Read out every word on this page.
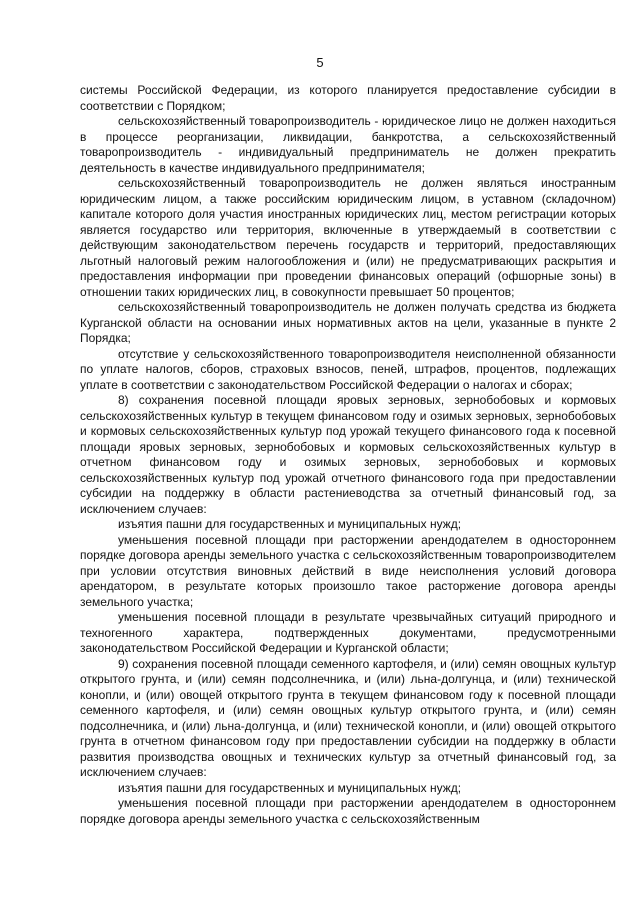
5

системы Российской Федерации, из которого планируется предоставление субсидии в соответствии с Порядком;

сельскохозяйственный товаропроизводитель - юридическое лицо не должен находиться в процессе реорганизации, ликвидации, банкротства, а сельскохозяйственный товаропроизводитель - индивидуальный предприниматель не должен прекратить деятельность в качестве индивидуального предпринимателя;

сельскохозяйственный товаропроизводитель не должен являться иностранным юридическим лицом, а также российским юридическим лицом, в уставном (складочном) капитале которого доля участия иностранных юридических лиц, местом регистрации которых является государство или территория, включенные в утверждаемый в соответствии с действующим законодательством перечень государств и территорий, предоставляющих льготный налоговый режим налогообложения и (или) не предусматривающих раскрытия и предоставления информации при проведении финансовых операций (офшорные зоны) в отношении таких юридических лиц, в совокупности превышает 50 процентов;

сельскохозяйственный товаропроизводитель не должен получать средства из бюджета Курганской области на основании иных нормативных актов на цели, указанные в пункте 2 Порядка;

отсутствие у сельскохозяйственного товаропроизводителя неисполненной обязанности по уплате налогов, сборов, страховых взносов, пеней, штрафов, процентов, подлежащих уплате в соответствии с законодательством Российской Федерации о налогах и сборах;

8) сохранения посевной площади яровых зерновых, зернобобовых и кормовых сельскохозяйственных культур в текущем финансовом году и озимых зерновых, зернобобовых и кормовых сельскохозяйственных культур под урожай текущего финансового года к посевной площади яровых зерновых, зернобобовых и кормовых сельскохозяйственных культур в отчетном финансовом году и озимых зерновых, зернобобовых и кормовых сельскохозяйственных культур под урожай отчетного финансового года при предоставлении субсидии на поддержку в области растениеводства за отчетный финансовый год, за исключением случаев:

изъятия пашни для государственных и муниципальных нужд;

уменьшения посевной площади при расторжении арендодателем в одностороннем порядке договора аренды земельного участка с сельскохозяйственным товаропроизводителем при условии отсутствия виновных действий в виде неисполнения условий договора арендатором, в результате которых произошло такое расторжение договора аренды земельного участка;

уменьшения посевной площади в результате чрезвычайных ситуаций природного и техногенного характера, подтвержденных документами, предусмотренными законодательством Российской Федерации и Курганской области;

9) сохранения посевной площади семенного картофеля, и (или) семян овощных культур открытого грунта, и (или) семян подсолнечника, и (или) льна-долгунца, и (или) технической конопли, и (или) овощей открытого грунта в текущем финансовом году к посевной площади семенного картофеля, и (или) семян овощных культур открытого грунта, и (или) семян подсолнечника, и (или) льна-долгунца, и (или) технической конопли, и (или) овощей открытого грунта в отчетном финансовом году при предоставлении субсидии на поддержку в области развития производства овощных и технических культур за отчетный финансовый год, за исключением случаев:

изъятия пашни для государственных и муниципальных нужд;

уменьшения посевной площади при расторжении арендодателем в одностороннем порядке договора аренды земельного участка с сельскохозяйственным
